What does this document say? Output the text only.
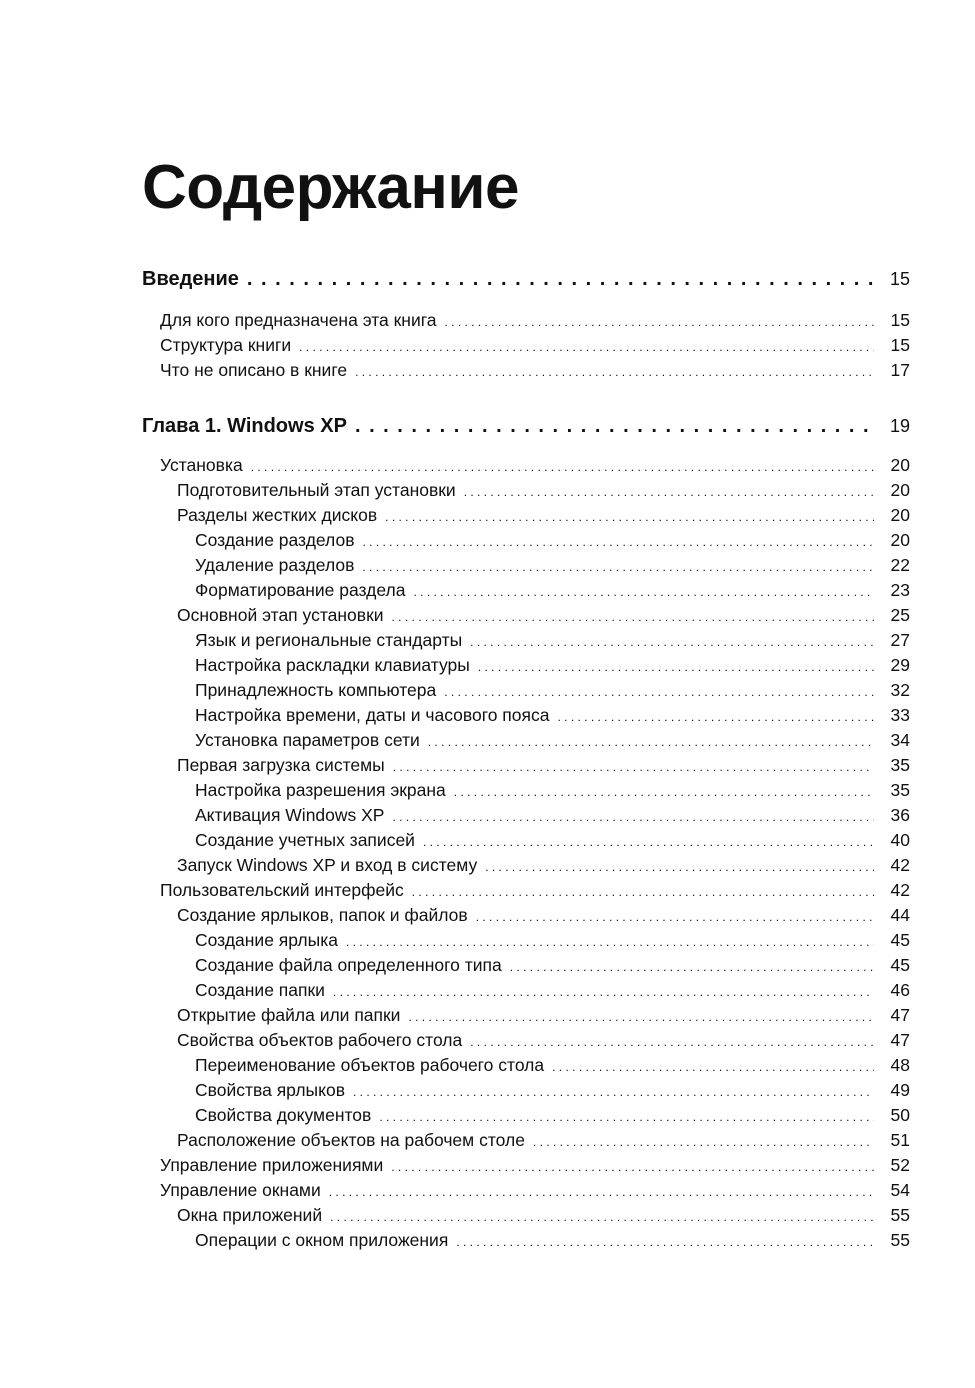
Содержание
Введение . . .	15
Для кого предназначена эта книга . . .	15
Структура книги . . .	15
Что не описано в книге . . .	17
Глава 1. Windows XP . . .	19
Установка . . .	20
Подготовительный этап установки . . .	20
Разделы жестких дисков . . .	20
Создание разделов . . .	20
Удаление разделов . . .	22
Форматирование раздела . . .	23
Основной этап установки . . .	25
Язык и региональные стандарты . . .	27
Настройка раскладки клавиатуры . . .	29
Принадлежность компьютера . . .	32
Настройка времени, даты и часового пояса . . .	33
Установка параметров сети . . .	34
Первая загрузка системы . . .	35
Настройка разрешения экрана . . .	35
Активация Windows XP . . .	36
Создание учетных записей . . .	40
Запуск Windows XP и вход в систему . . .	42
Пользовательский интерфейс . . .	42
Создание ярлыков, папок и файлов . . .	44
Создание ярлыка . . .	45
Создание файла определенного типа . . .	45
Создание папки . . .	46
Открытие файла или папки . . .	47
Свойства объектов рабочего стола . . .	47
Переименование объектов рабочего стола . . .	48
Свойства ярлыков . . .	49
Свойства документов . . .	50
Расположение объектов на рабочем столе . . .	51
Управление приложениями . . .	52
Управление окнами . . .	54
Окна приложений . . .	55
Операции с окном приложения . . .	55
